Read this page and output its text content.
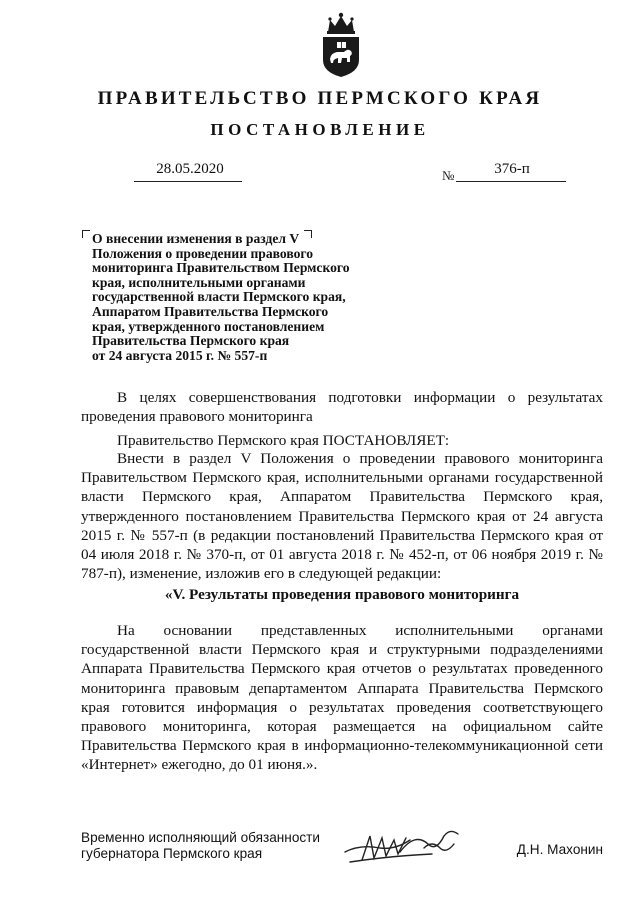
ПРАВИТЕЛЬСТВО ПЕРМСКОГО КРАЯ
ПОСТАНОВЛЕНИЕ
28.05.2020	№	376-п
О внесении изменения в раздел V
Положения о проведении правового
мониторинга Правительством Пермского
края, исполнительными органами
государственной власти Пермского края,
Аппаратом Правительства Пермского
края, утвержденного постановлением
Правительства Пермского края
от 24 августа 2015 г. № 557-п

В целях совершенствования подготовки информации о результатах проведения правового мониторинга

Правительство Пермского края ПОСТАНОВЛЯЕТ:

Внести в раздел V Положения о проведении правового мониторинга Правительством Пермского края, исполнительными органами государственной власти Пермского края, Аппаратом Правительства Пермского края, утвержденного постановлением Правительства Пермского края от 24 августа 2015 г. № 557-п (в редакции постановлений Правительства Пермского края от 04 июля 2018 г. № 370-п, от 01 августа 2018 г. № 452-п, от 06 ноября 2019 г. № 787-п), изменение, изложив его в следующей редакции:

«V. Результаты проведения правового мониторинга

На основании представленных исполнительными органами государственной власти Пермского края и структурными подразделениями Аппарата Правительства Пермского края отчетов о результатах проведенного мониторинга правовым департаментом Аппарата Правительства Пермского края готовится информация о результатах проведения соответствующего правового мониторинга, которая размещается на официальном сайте Правительства Пермского края в информационно-телекоммуникационной сети «Интернет» ежегодно, до 01 июня.».

Временно исполняющий обязанности
губернатора Пермского края	Д.Н. Махонин
